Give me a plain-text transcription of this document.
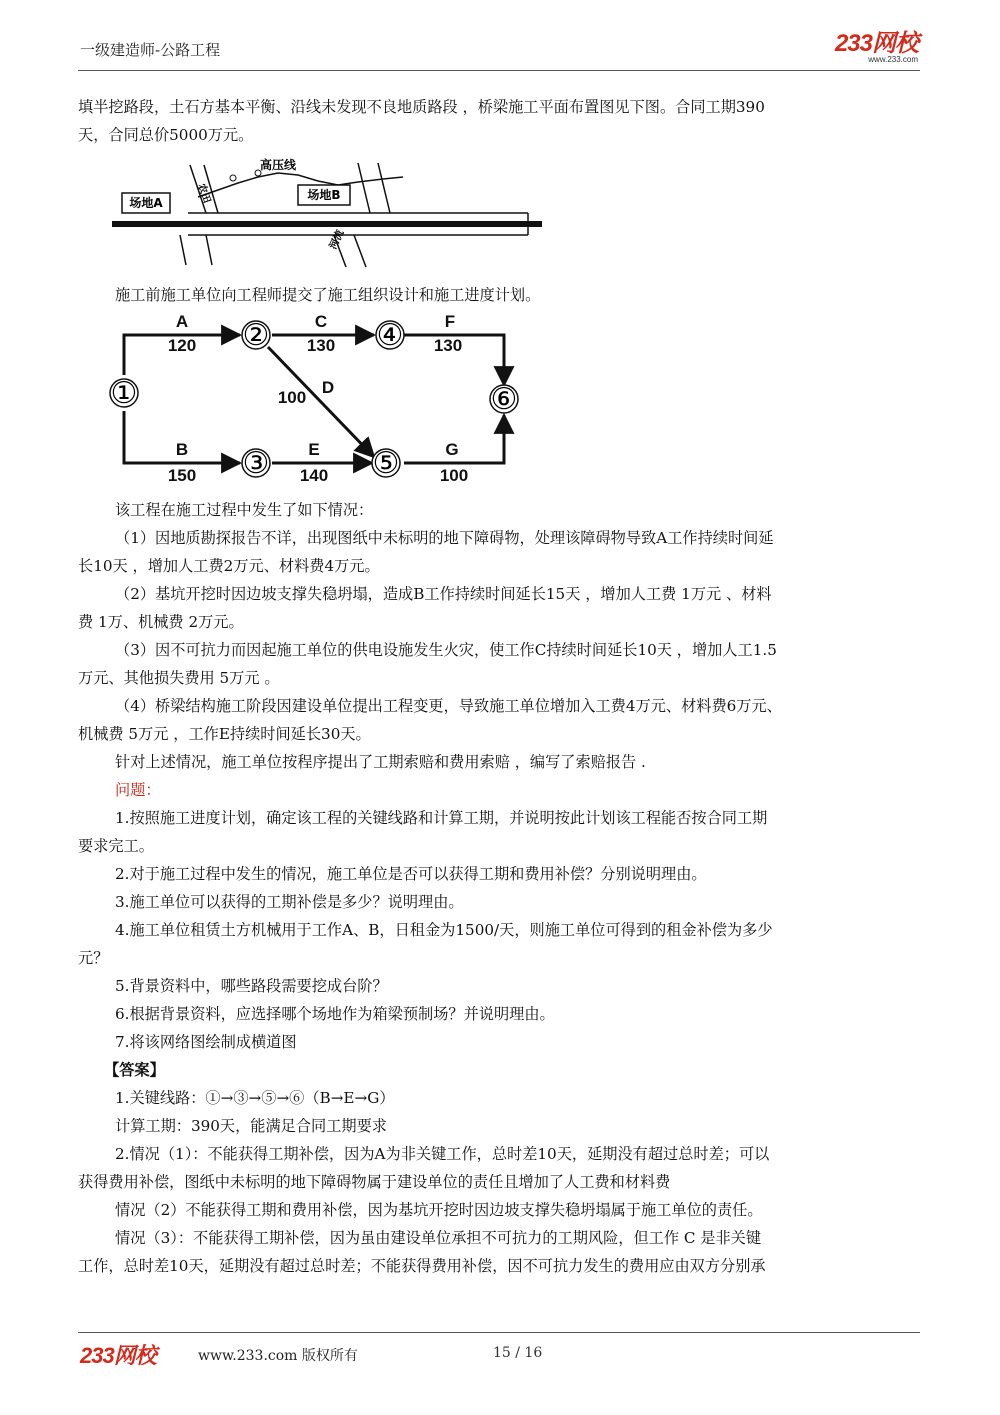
一级建造师-公路工程	233网校
www.233.com

填半挖路段，土石方基本平衡、沿线未发现不良地质路段 ，桥梁施工平面布置图见下图。合同工期390

天，合同总价5000万元。

场地A
场地B
高压线
农田
河流

施工前施工单位向工程师提交了施工组织设计和施工进度计划。

①
②
③
④
⑤
⑥
A
120
B
150
C
130
D
100
E
140
F
130
G
100

该工程在施工过程中发生了如下情况：

（1）因地质勘探报告不详，出现图纸中未标明的地下障碍物，处理该障碍物导致A工作持续时间延

长10天 ，增加人工费2万元、材料费4万元。

（2）基坑开挖时因边坡支撑失稳坍塌，造成B工作持续时间延长15天 ，增加人工费 1万元 、材料

费 1万、机械费 2万元。

（3）因不可抗力而因起施工单位的供电设施发生火灾，使工作C持续时间延长10天 ，增加人工1.5

万元、其他损失费用 5万元 。

（4）桥梁结构施工阶段因建设单位提出工程变更，导致施工单位增加入工费4万元、材料费6万元、

机械费 5万元 ，工作E持续时间延长30天。

针对上述情况，施工单位按程序提出了工期索赔和费用索赔 ，编写了索赔报告 .

问题：

1.按照施工进度计划，确定该工程的关键线路和计算工期，并说明按此计划该工程能否按合同工期

要求完工。

2.对于施工过程中发生的情况，施工单位是否可以获得工期和费用补偿？分别说明理由。

3.施工单位可以获得的工期补偿是多少？说明理由。

4.施工单位租赁土方机械用于工作A、B，日租金为1500/天，则施工单位可得到的租金补偿为多少

元？

5.背景资料中，哪些路段需要挖成台阶？

6.根据背景资料，应选择哪个场地作为箱梁预制场？并说明理由。

7.将该网络图绘制成横道图

【答案】

1.关键线路：①→③→⑤→⑥（B→E→G）

计算工期：390天，能满足合同工期要求

2.情况（1）：不能获得工期补偿，因为A为非关键工作，总时差10天，延期没有超过总时差；可以

获得费用补偿，图纸中未标明的地下障碍物属于建设单位的责任且增加了人工费和材料费

情况（2）不能获得工期和费用补偿，因为基坑开挖时因边坡支撑失稳坍塌属于施工单位的责任。

情况（3）：不能获得工期补偿，因为虽由建设单位承担不可抗力的工期风险，但工作 C 是非关键

工作，总时差10天，延期没有超过总时差；不能获得费用补偿，因不可抗力发生的费用应由双方分别承

233网校	www.233.com 版权所有	15 / 16
